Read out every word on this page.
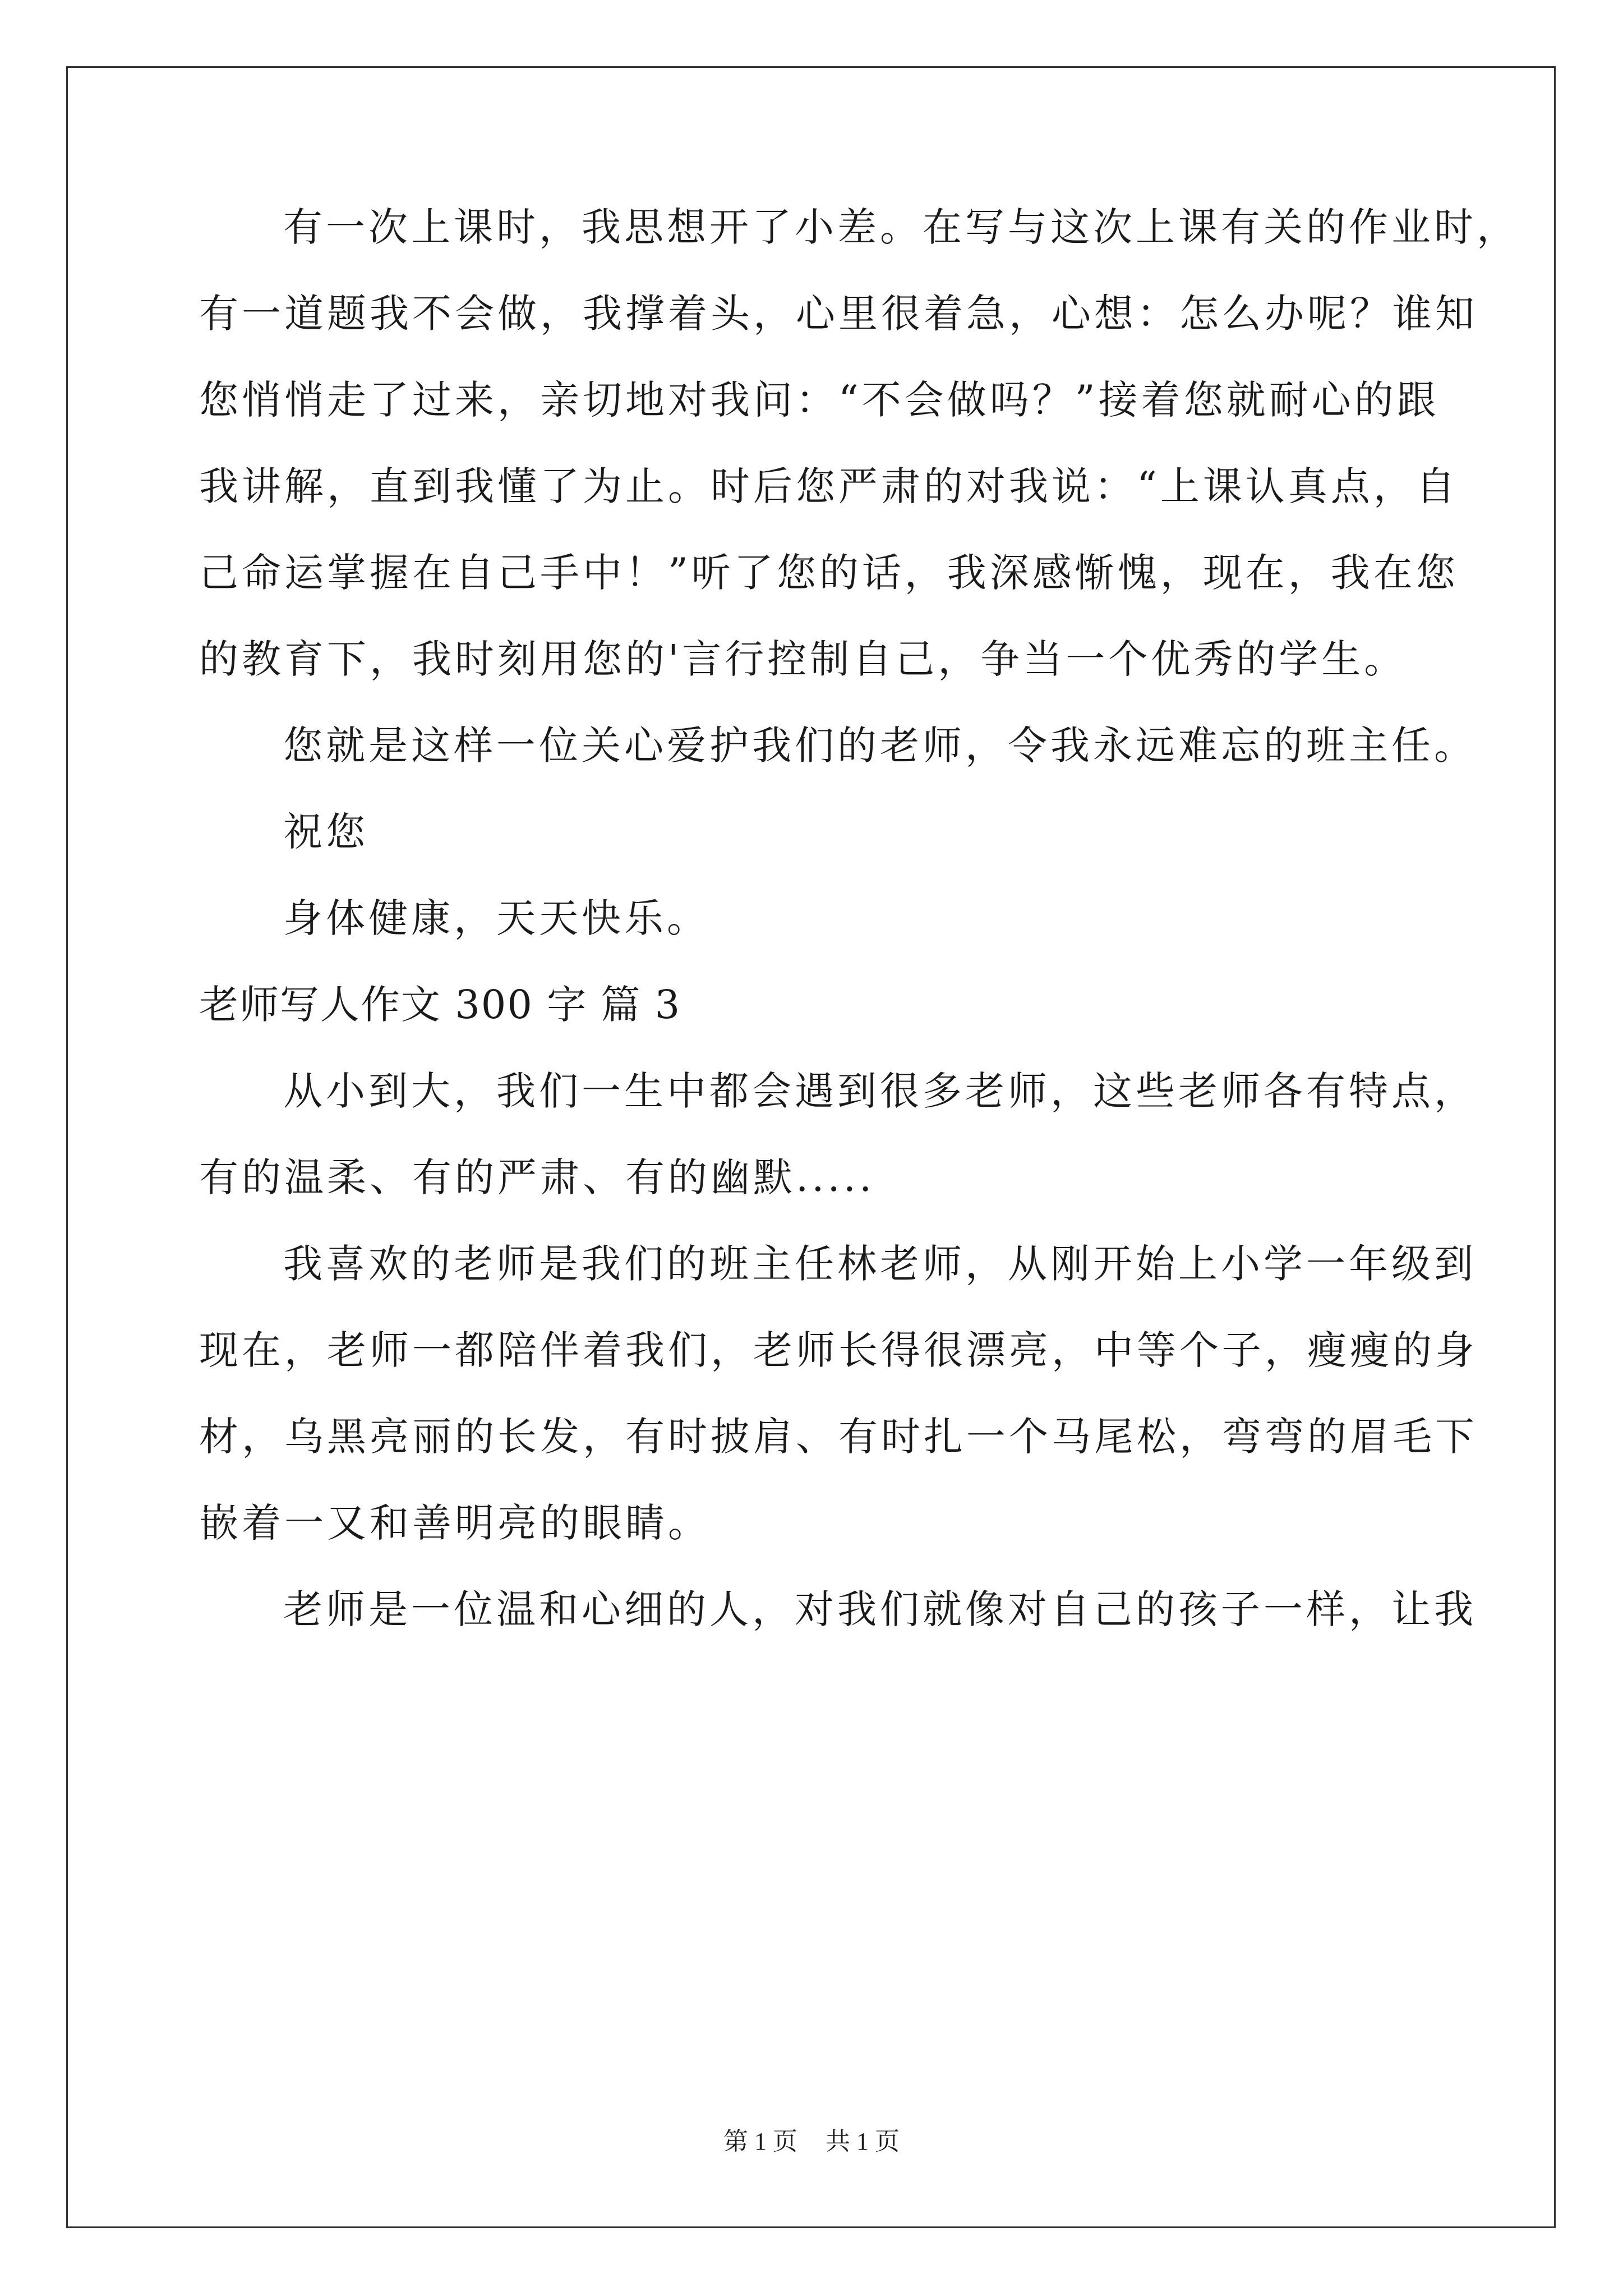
有一次上课时，我思想开了小差。在写与这次上课有关的作业时，

有一道题我不会做，我撑着头，心里很着急，心想：怎么办呢？谁知

您悄悄走了过来，亲切地对我问：“不会做吗？”接着您就耐心的跟

我讲解，直到我懂了为止。时后您严肃的对我说：“上课认真点，自

己命运掌握在自己手中！”听了您的话，我深感惭愧，现在，我在您

的教育下，我时刻用您的'言行控制自己，争当一个优秀的学生。

您就是这样一位关心爱护我们的老师，令我永远难忘的班主任。

祝您

身体健康，天天快乐。

老师写人作文 300 字 篇 3

从小到大，我们一生中都会遇到很多老师，这些老师各有特点，

有的温柔、有的严肃、有的幽默.....

我喜欢的老师是我们的班主任林老师，从刚开始上小学一年级到

现在，老师一都陪伴着我们，老师长得很漂亮，中等个子，瘦瘦的身

材，乌黑亮丽的长发，有时披肩、有时扎一个马尾松，弯弯的眉毛下

嵌着一又和善明亮的眼睛。

老师是一位温和心细的人，对我们就像对自己的孩子一样，让我

第 1 页 共 1 页
